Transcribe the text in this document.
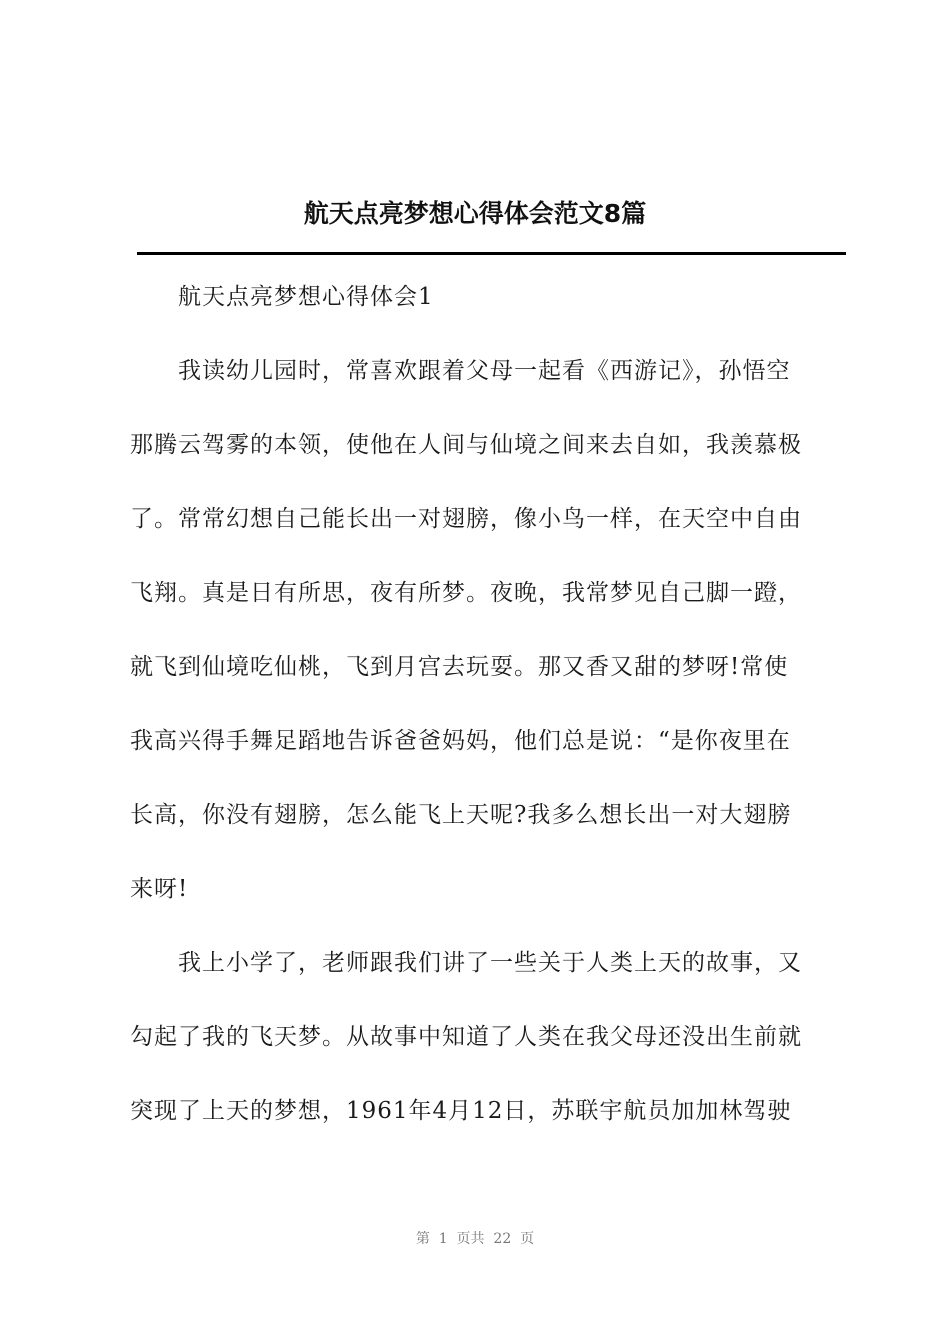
航天点亮梦想心得体会范文8篇

航天点亮梦想心得体会1

我读幼儿园时，常喜欢跟着父母一起看《西游记》，孙悟空
那腾云驾雾的本领，使他在人间与仙境之间来去自如，我羡慕极
了。常常幻想自己能长出一对翅膀，像小鸟一样，在天空中自由
飞翔。真是日有所思，夜有所梦。夜晚，我常梦见自己脚一蹬，
就飞到仙境吃仙桃，飞到月宫去玩耍。那又香又甜的梦呀!常使
我高兴得手舞足蹈地告诉爸爸妈妈，他们总是说：“是你夜里在
长高，你没有翅膀，怎么能飞上天呢?我多么想长出一对大翅膀
来呀!
我上小学了，老师跟我们讲了一些关于人类上天的故事，又
勾起了我的飞天梦。从故事中知道了人类在我父母还没出生前就
突现了上天的梦想，1961年4月12日，苏联宇航员加加林驾驶
第  1  页共  22  页
